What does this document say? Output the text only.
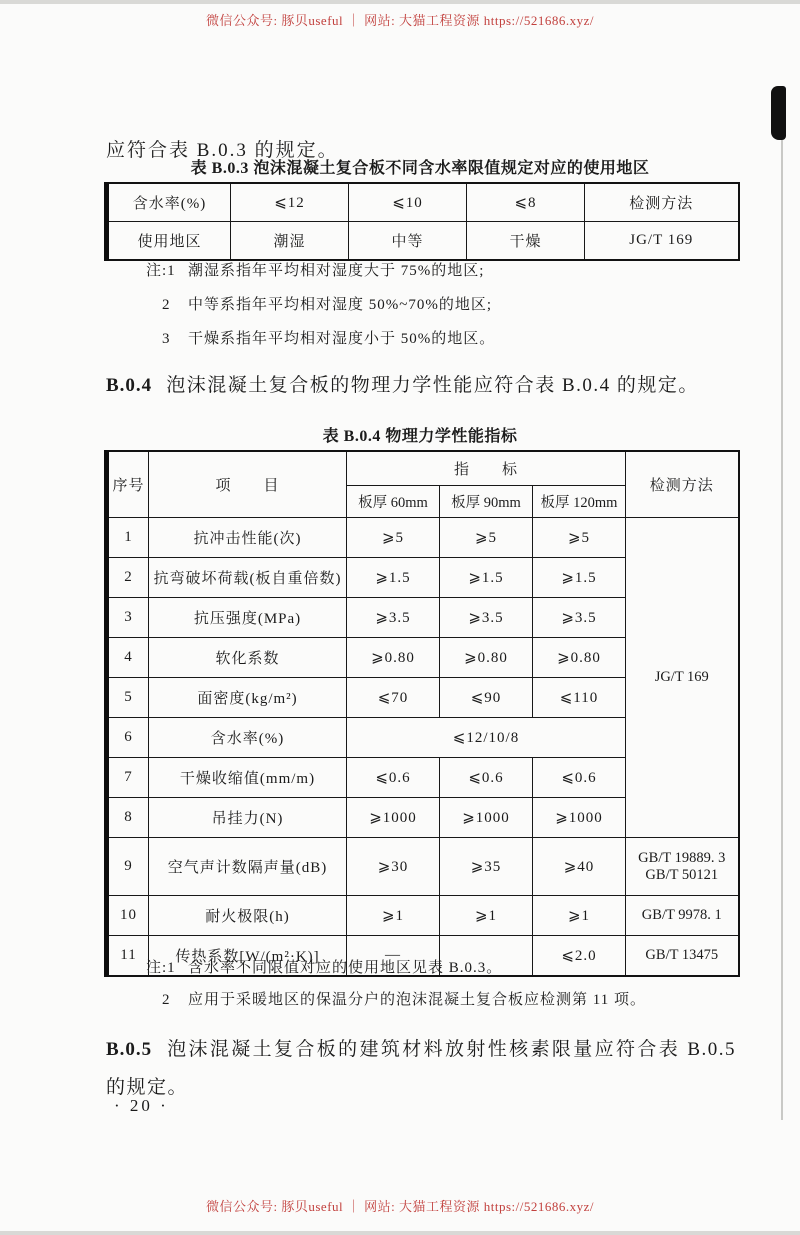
微信公众号: 豚贝useful ｜ 网站: 大猫工程资源 https://521686.xyz/

应符合表 B.0.3 的规定。

表 B.0.3 泡沫混凝土复合板不同含水率限值规定对应的使用地区
含水率(%)	⩽12	⩽10	⩽8	检测方法
使用地区	潮湿	中等	干燥	JG/T 169
注:1 潮湿系指年平均相对湿度大于 75%的地区;
2 中等系指年平均相对湿度 50%~70%的地区;
3 干燥系指年平均相对湿度小于 50%的地区。

B.0.4 泡沫混凝土复合板的物理力学性能应符合表 B.0.4 的规定。

表 B.0.4 物理力学性能指标
序号	项　　目	指　　标			检测方法
		板厚 60mm	板厚 90mm	板厚 120mm	
1	抗冲击性能(次)	⩾5	⩾5	⩾5	JG/T 169
2	抗弯破坏荷载(板自重倍数)	⩾1.5	⩾1.5	⩾1.5	
3	抗压强度(MPa)	⩾3.5	⩾3.5	⩾3.5	
4	软化系数	⩾0.80	⩾0.80	⩾0.80	
5	面密度(kg/m²)	⩽70	⩽90	⩽110	
6	含水率(%)	⩽12/10/8			
7	干燥收缩值(mm/m)	⩽0.6	⩽0.6	⩽0.6	
8	吊挂力(N)	⩾1000	⩾1000	⩾1000	
9	空气声计数隔声量(dB)	⩾30	⩾35	⩾40	GB/T 19889. 3
GB/T 50121

10	耐火极限(h)	⩾1	⩾1	⩾1	GB/T 9978. 1
11	传热系数[W/(m²·K)]	—		⩽2.0	GB/T 13475
注:1 含水率不同限值对应的使用地区见表 B.0.3。
2 应用于采暖地区的保温分户的泡沫混凝土复合板应检测第 11 项。

B.0.5 泡沫混凝土复合板的建筑材料放射性核素限量应符合表 B.0.5 的规定。

· 20 ·
微信公众号: 豚贝useful ｜ 网站: 大猫工程资源 https://521686.xyz/
